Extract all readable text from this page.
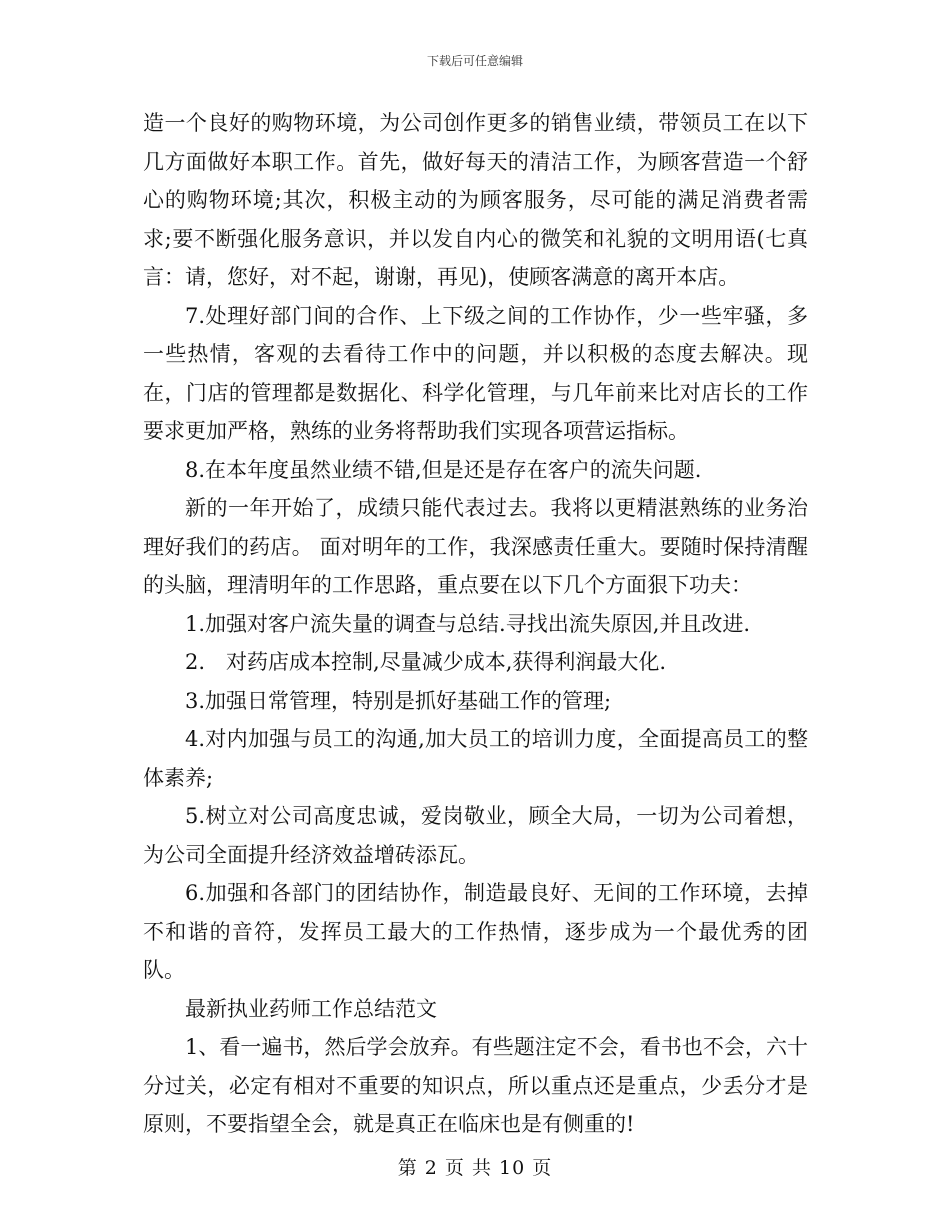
下载后可任意编辑

造一个良好的购物环境，为公司创作更多的销售业绩，带领员工在以下几方面做好本职工作。首先，做好每天的清洁工作，为顾客营造一个舒心的购物环境;其次，积极主动的为顾客服务，尽可能的满足消费者需求;要不断强化服务意识，并以发自内心的微笑和礼貌的文明用语(七真言：请，您好，对不起，谢谢，再见)，使顾客满意的离开本店。

7.处理好部门间的合作、上下级之间的工作协作，少一些牢骚，多一些热情，客观的去看待工作中的问题，并以积极的态度去解决。现在，门店的管理都是数据化、科学化管理，与几年前来比对店长的工作要求更加严格，熟练的业务将帮助我们实现各项营运指标。

8.在本年度虽然业绩不错,但是还是存在客户的流失问题.

新的一年开始了，成绩只能代表过去。我将以更精湛熟练的业务治理好我们的药店。 面对明年的工作，我深感责任重大。要随时保持清醒的头脑，理清明年的工作思路，重点要在以下几个方面狠下功夫：

1.加强对客户流失量的调查与总结.寻找出流失原因,并且改进.

2.　对药店成本控制,尽量减少成本,获得利润最大化.

3.加强日常管理，特别是抓好基础工作的管理;

4.对内加强与员工的沟通,加大员工的培训力度，全面提高员工的整体素养;

5.树立对公司高度忠诚，爱岗敬业，顾全大局，一切为公司着想，为公司全面提升经济效益增砖添瓦。

6.加强和各部门的团结协作，制造最良好、无间的工作环境，去掉不和谐的音符，发挥员工最大的工作热情，逐步成为一个最优秀的团队。

最新执业药师工作总结范文

1、看一遍书，然后学会放弃。有些题注定不会，看书也不会，六十分过关，必定有相对不重要的知识点，所以重点还是重点，少丢分才是原则，不要指望全会，就是真正在临床也是有侧重的!

第 2 页 共 10 页
